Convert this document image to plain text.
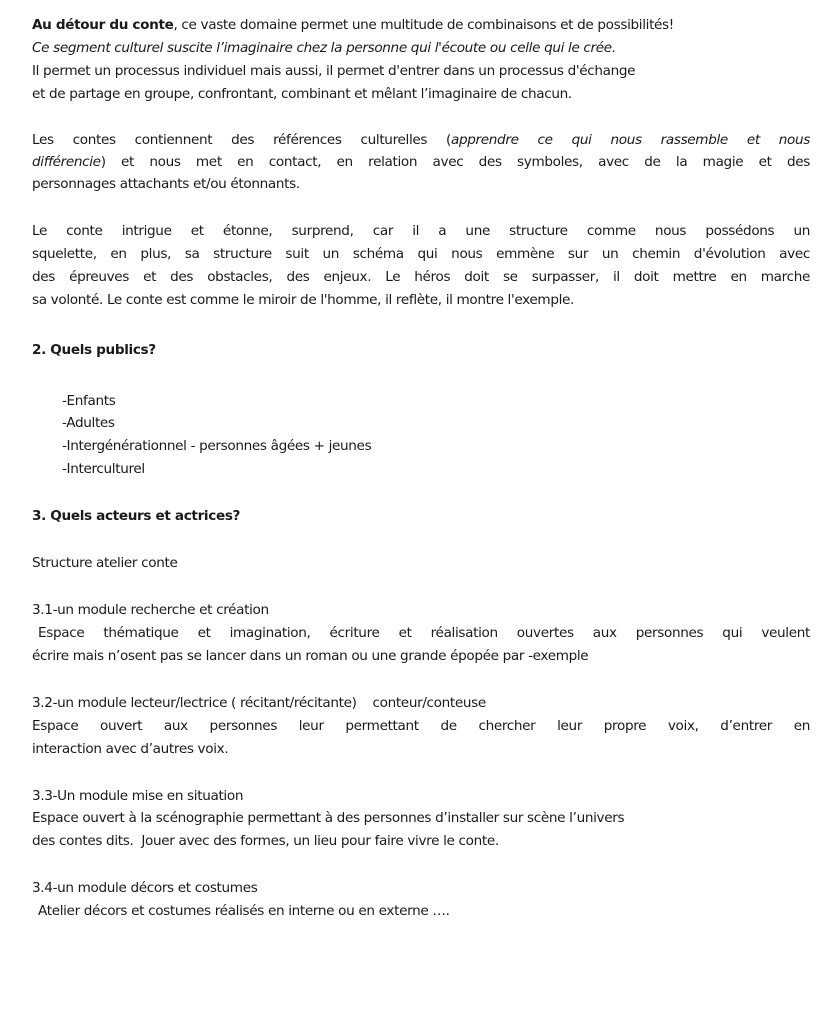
Au détour du conte, ce vaste domaine permet une multitude de combinaisons et de possibilités!
Ce segment culturel suscite l’imaginaire chez la personne qui l'écoute ou celle qui le crée.
Il permet un processus individuel mais aussi, il permet d'entrer dans un processus d'échange
et de partage en groupe, confrontant, combinant et mêlant l’imaginaire de chacun.
Les contes contiennent des références culturelles (apprendre ce qui nous rassemble et nous
différencie) et nous met en contact, en relation avec des symboles, avec de la magie et des
personnages attachants et/ou étonnants.
Le conte intrigue et étonne, surprend, car il a une structure comme nous possédons un
squelette, en plus, sa structure suit un schéma qui nous emmène sur un chemin d'évolution avec
des épreuves et des obstacles, des enjeux. Le héros doit se surpasser, il doit mettre en marche
sa volonté. Le conte est comme le miroir de l'homme, il reflète, il montre l'exemple.
2. Quels publics?
-Enfants
-Adultes
-Intergénérationnel - personnes âgées + jeunes
-Interculturel
3. Quels acteurs et actrices?
Structure atelier conte
3.1-un module recherche et création
Espace thématique et imagination, écriture et réalisation ouvertes aux personnes qui veulent
écrire mais n’osent pas se lancer dans un roman ou une grande épopée par -exemple
3.2-un module lecteur/lectrice ( récitant/récitante)    conteur/conteuse
Espace ouvert aux personnes leur permettant de chercher leur propre voix, d’entrer en
interaction avec d’autres voix.
3.3-Un module mise en situation
Espace ouvert à la scénographie permettant à des personnes d’installer sur scène l’univers
des contes dits.  Jouer avec des formes, un lieu pour faire vivre le conte.
3.4-un module décors et costumes
Atelier décors et costumes réalisés en interne ou en externe ….
